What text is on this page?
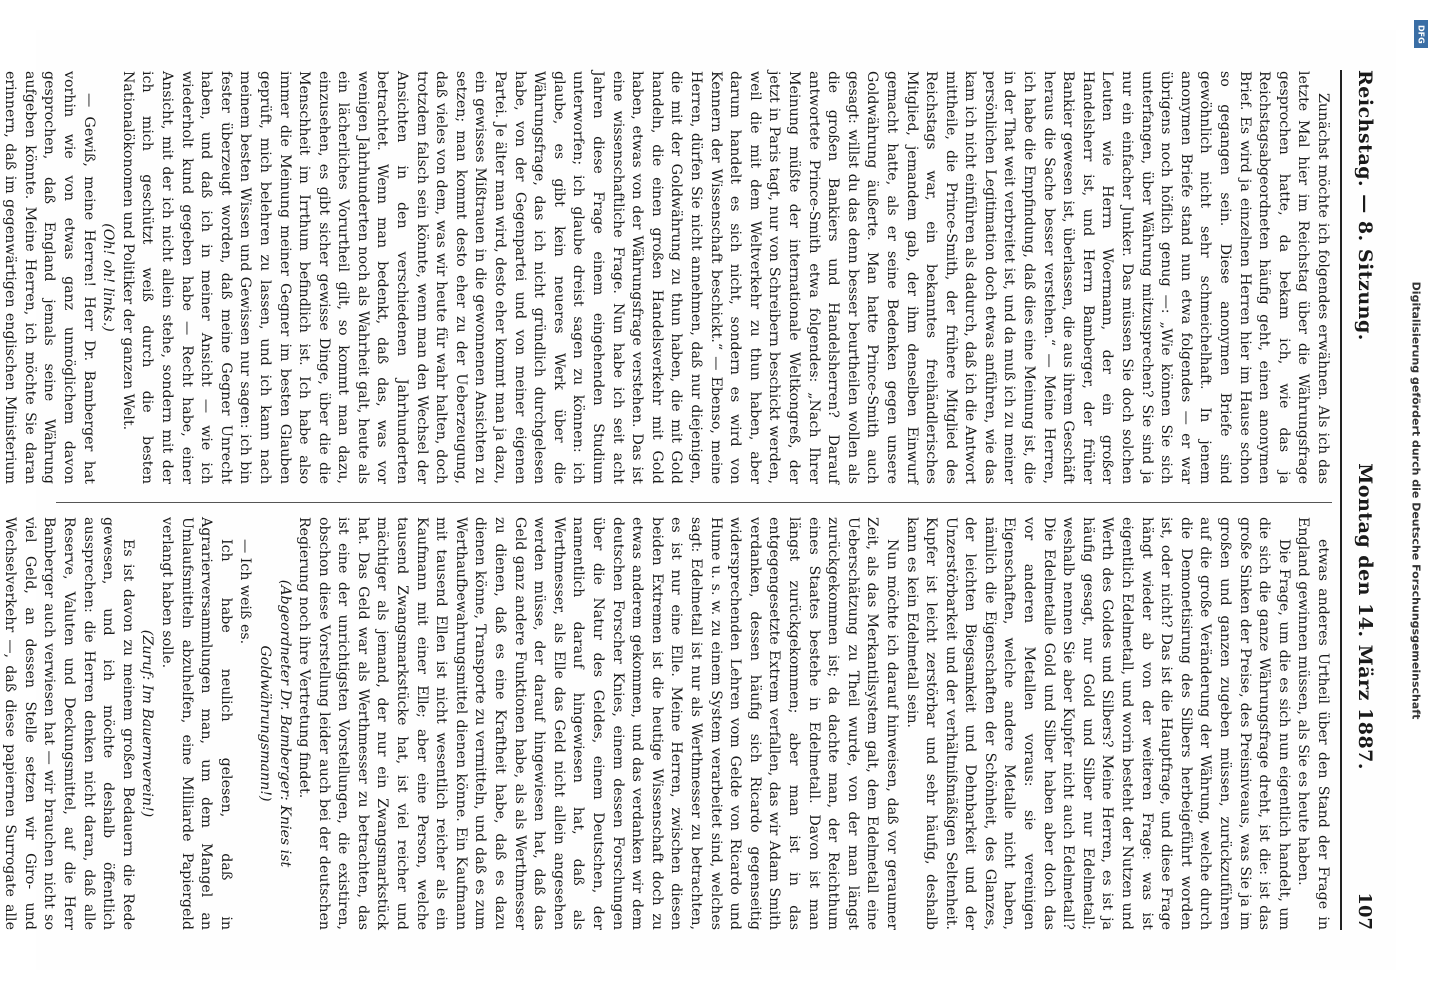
Reichstag. — 8. Sitzung.
Montag den 14. März 1887.
107

Zunächst möchte ich folgendes erwähnen. Als ich das letzte Mal hier im Reichstag über die Währungsfrage gesprochen hatte, da bekam ich, wie das ja Reichstagsabgeordneten häufig geht, einen anonymen Brief. Es wird ja einzelnen Herren hier im Hause schon so gegangen sein. Diese anonymen Briefe sind gewöhnlich nicht sehr schmeichelhaft. In jenem anonymen Briefe stand nun etwa folgendes — er war übrigens noch höflich genug —: „Wie können Sie sich unterfangen, über Währung mitzusprechen? Sie sind ja nur ein einfacher Junker. Das müssen Sie doch solchen Leuten wie Herrn Woermann, der ein großer Handelsherr ist, und Herrn Bamberger, der früher Bankier gewesen ist, überlassen, die aus ihrem Geschäft heraus die Sache besser verstehen.“ — Meine Herren, ich habe die Empfindung, daß dies eine Meinung ist, die in der That weit verbreitet ist, und da muß ich zu meiner persönlichen Legitimation doch etwas anführen, wie das kam ich nicht einführen als dadurch, daß ich die Antwort mittheile, die Prince-Smith, der frühere Mitglied des Reichstags war, ein bekanntes freihändlerisches Mitglied, jemandem gab, der ihm denselben Einwurf gemacht hatte, als er seine Bedenken gegen unsere Goldwährung äußerte. Man hatte Prince-Smith auch gesagt: willst du das denn besser beurtheilen wollen als die großen Bankiers und Handelsherren? Darauf antwortete Prince-Smith etwa folgendes: „Nach Ihrer Meinung müßte der internationale Weltkongreß, der jetzt in Paris tagt, nur von Schreibern beschickt werden, weil die mit dem Weltverkehr zu thun haben, aber darum handelt es sich nicht, sondern es wird von Kennern der Wissenschaft beschickt.“ — Ebenso, meine Herren, dürfen Sie nicht annehmen, daß nur diejenigen, die mit der Goldwährung zu thun haben, die mit Gold handeln, die einen großen Handelsverkehr mit Gold haben, etwas von der Währungsfrage verstehen. Das ist eine wissenschaftliche Frage. Nun habe ich seit acht Jahren diese Frage einem eingehenden Studium unterworfen; ich glaube dreist sagen zu können: ich glaube, es gibt kein neueres Werk über die Währungsfrage, das ich nicht gründlich durchgelesen habe, von der Gegenpartei und von meiner eigenen Partei. Je älter man wird, desto eher kommt man ja dazu, ein gewisses Mißtrauen in die gewonnenen Ansichten zu setzen; man kommt desto eher zu der Ueberzeugung, daß vieles von dem, was wir heute für wahr halten, doch trotzdem falsch sein könnte, wenn man den Wechsel der Ansichten in den verschiedenen Jahrhunderten betrachtet. Wenn man bedenkt, daß das, was vor wenigen Jahrhunderten noch als Wahrheit galt, heute als ein lächerliches Vorurtheil gilt, so kommt man dazu, einzusehen, es gibt sicher gewisse Dinge, über die die Menschheit im Irrthum befindlich ist. Ich habe also immer die Meinung meiner Gegner im besten Glauben geprüft, mich belehren zu lassen, und ich kann nach meinem besten Wissen und Gewissen nur sagen: ich bin fester überzeugt worden, daß meine Gegner Unrecht haben, und daß ich in meiner Ansicht — wie ich wiederholt kund gegeben habe — Recht habe, einer Ansicht, mit der ich nicht allein stehe, sondern mit der ich mich geschützt weiß durch die besten Nationalökonomen und Politiker der ganzen Welt.

(Oh! oh! links.)

— Gewiß, meine Herren! Herr Dr. Bamberger hat vorhin wie von etwas ganz unmöglichem davon gesprochen, daß England jemals seine Währung aufgeben könnte. Meine Herren, ich möchte Sie daran erinnern, daß im gegenwärtigen englischen Ministerium

etwas anderes Urtheil über den Stand der Frage in England gewinnen müssen, als Sie es heute haben.

Die Frage, um die es sich nun eigentlich handelt, um die sich die ganze Währungsfrage dreht, ist die: ist das große Sinken der Preise, des Preisniveaus, was Sie ja im großen und ganzen zugeben müssen, zurückzuführen auf die große Veränderung der Währung, welche durch die Demonetisirung des Silbers herbeigeführt worden ist, oder nicht? Das ist die Hauptfrage, und diese Frage hängt wieder ab von der weiteren Frage: was ist eigentlich Edelmetall, und worin besteht der Nutzen und Werth des Goldes und Silbers? Meine Herren, es ist ja häufig gesagt, nur Gold und Silber nur Edelmetall; weshalb nennen Sie aber Kupfer nicht auch Edelmetall? Die Edelmetalle Gold und Silber haben aber doch das vor anderen Metallen voraus: sie vereinigen Eigenschaften, welche andere Metalle nicht haben, nämlich die Eigenschaften der Schönheit, des Glanzes, der leichten Biegsamkeit und Dehnbarkeit und der Unzerstörbarkeit und der verhältnißmäßigen Seltenheit. Kupfer ist leicht zerstörbar und sehr häufig, deshalb kann es kein Edelmetall sein.

Nun möchte ich darauf hinweisen, daß vor geraumer Zeit, als das Merkantilsystem galt, dem Edelmetall eine Ueberschätzung zu Theil wurde, von der man längst zurückgekommen ist; da dachte man, der Reichthum eines Staates bestehe in Edelmetall. Davon ist man längst zurückgekommen; aber man ist in das entgegengesetzte Extrem verfallen, das wir Adam Smith verdanken, dessen häufig sich Ricardo gegenseitig widersprechenden Lehren vom Gelde von Ricardo und Hume u. s. w. zu einem System verarbeitet sind, welches sagt: Edelmetall ist nur als Werthmesser zu betrachten, es ist nur eine Elle. Meine Herren, zwischen diesen beiden Extremen ist die heutige Wissenschaft doch zu etwas anderem gekommen, und das verdanken wir dem deutschen Forscher Knies, einem dessen Forschungen über die Natur des Geldes, einem Deutschen, der namentlich darauf hingewiesen hat, daß als Werthmesser, als Elle das Geld nicht allein angesehen werden müsse, der darauf hingewiesen hat, daß das Geld ganz andere Funktionen habe, als als Werthmesser zu dienen, daß es eine Kraftheit habe, daß es dazu dienen könne, Transporte zu vermitteln, und daß es zum Werthaufbewahrungsmittel dienen könne. Ein Kaufmann mit tausend Ellen ist nicht wesentlich reicher als ein Kaufmann mit einer Elle; aber eine Person, welche tausend Zwangsmarkstücke hat, ist viel reicher und mächtiger als jemand, der nur ein Zwangsmarkstück hat. Das Geld war als Werthmesser zu betrachten, das ist eine der unrichtigsten Vorstellungen, die existiren, obschon diese Vorstellung leider auch bei der deutschen Regierung noch ihre Vertretung findet.

(Abgeordneter Dr. Bamberger: Knies ist Goldwährungsmann!)

— Ich weiß es.

Ich habe neulich gelesen, daß in Agrarierversammlungen man, um dem Mangel an Umlaufsmitteln abzuhelfen, eine Milliarde Papiergeld verlangt haben solle.

(Zuruf: Im Bauernverein!)

Es ist davon zu meinem großen Bedauern die Rede gewesen, und ich möchte deshalb öffentlich aussprechen: die Herren denken nicht daran, daß alle Reserve, Valuten und Deckungsmittel, auf die Herr Bamberger auch verwiesen hat — wir brauchen nicht so viel Geld, an dessen Stelle setzen wir Giro- und Wechselverkehr —, daß diese papiernen Surrogate alle

DFG
Digitalisierung gefördert durch die Deutsche Forschungsgemeinschaft
